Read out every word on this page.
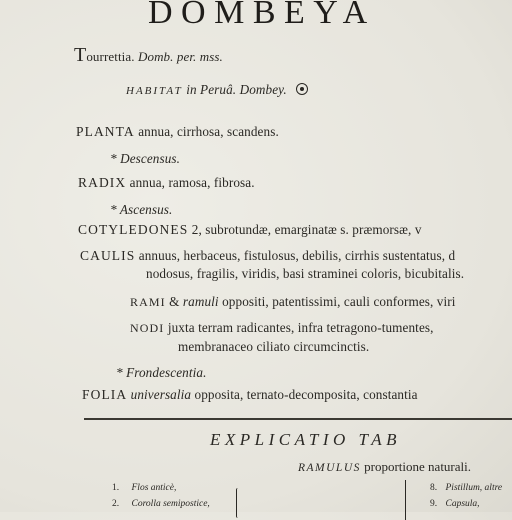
DOMBEYA
Tourrettia. Domb. per. mss.
HABITAT in Peruâ. Dombey.
PLANTA annua, cirrhosa, scandens.
* Descensus.
RADIX annua, ramosa, fibrosa.
* Ascensus.
COTYLEDONES 2, subrotundæ, emarginatæ s. præmorsæ, v
CAULIS annuus, herbaceus, fistulosus, debilis, cirrhis sustentatus, d
nodosus, fragilis, viridis, basi straminei coloris, bicubitalis.
RAMI & ramuli oppositi, patentissimi, cauli conformes, viri
NODI juxta terram radicantes, infra tetragono-tumentes,
membranaceo ciliato circumcinctis.
* Frondescentia.
FOLIA universalia opposita, ternato-decomposita, constantia
EXPLICATIO TAB
RAMULUS proportione naturali.
1. Flos anticè,
2. Corolla semipostice,
8. Pistillum, altre
9. Capsula,
